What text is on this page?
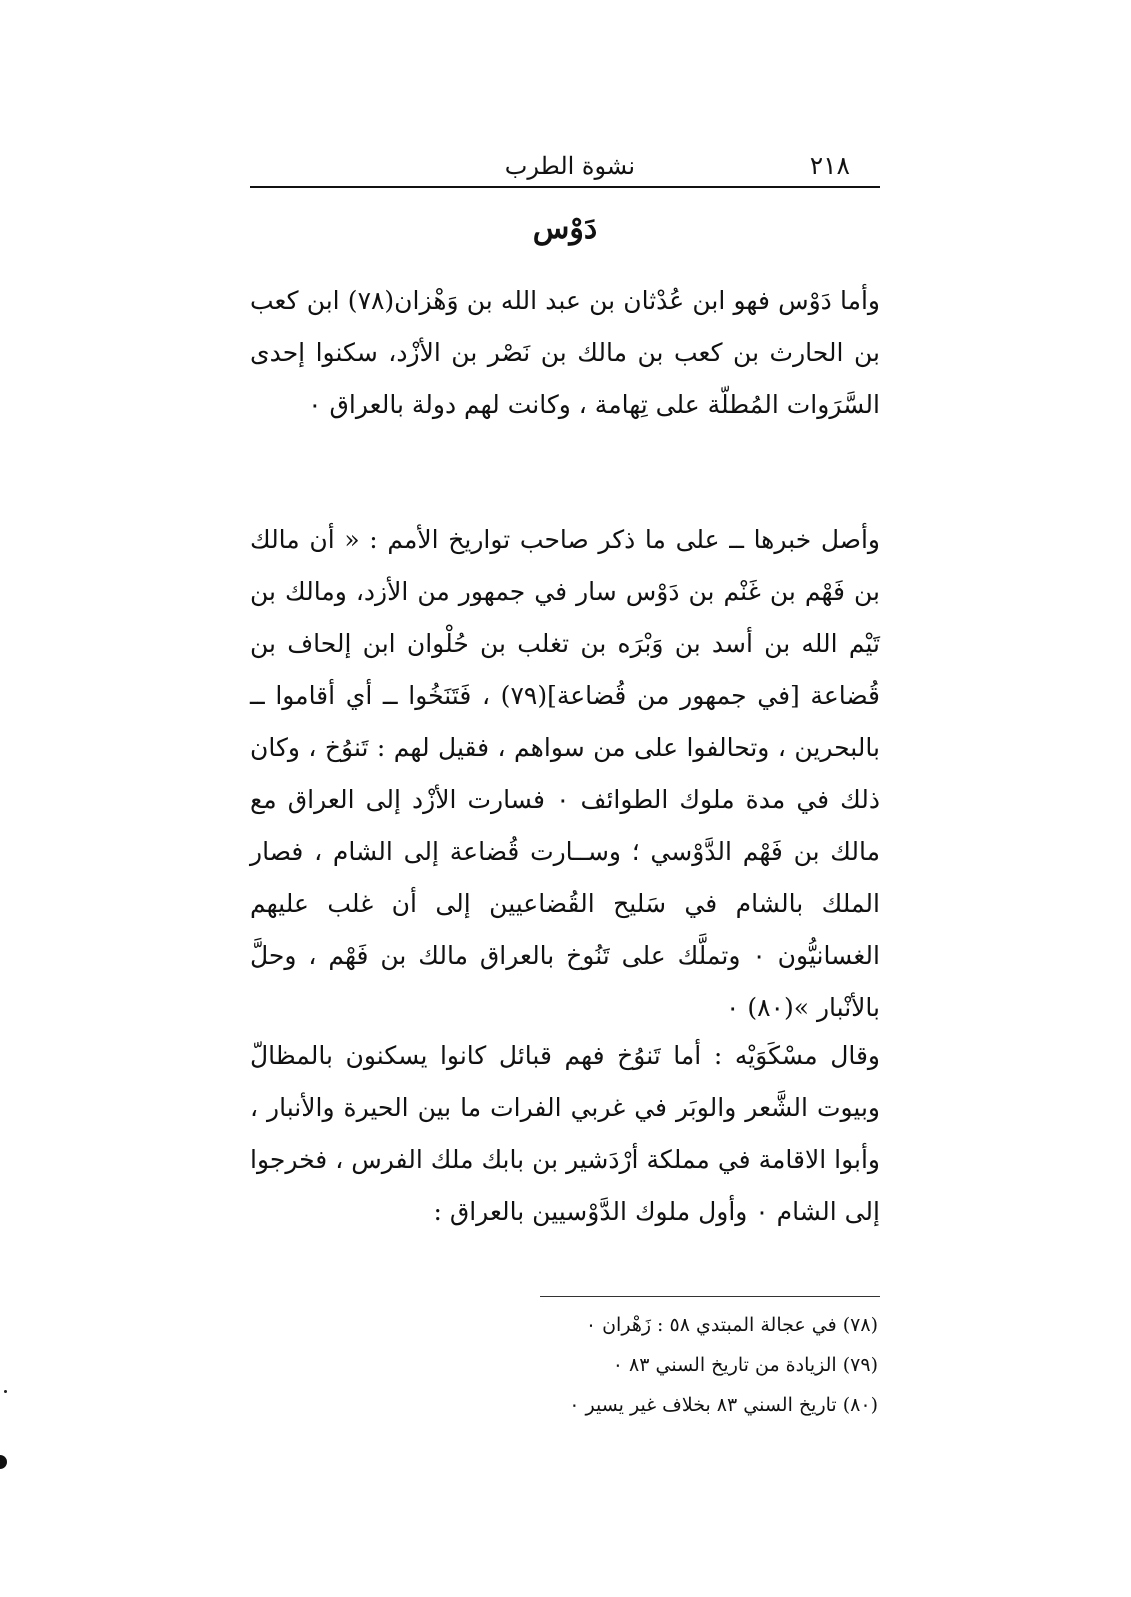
٢١٨
نشوة الطرب
دَوْس

وأما دَوْس فهو ابن عُدْثان بن عبد الله بن وَهْزان(٧٨) ابن كعب بن الحارث بن كعب بن مالك بن نَصْر بن الأزْد، سكنوا إحدى السَّرَوات المُطلّة على تِهامة ، وكانت لهم دولة بالعراق ٠

وأصل خبرها ــ على ما ذكر صاحب تواريخ الأمم : « أن مالك بن فَهْم بن غَنْم بن دَوْس سار في جمهور من الأزد، ومالك بن تَيْم الله بن أسد بن وَبْرَه بن تغلب بن حُلْوان ابن إلحاف بن قُضاعة [في جمهور من قُضاعة](٧٩) ، فَتَنَخُوا ــ أي أقاموا ــ بالبحرين ، وتحالفوا على من سواهم ، فقيل لهم : تَنوُخ ، وكان ذلك في مدة ملوك الطوائف ٠ فسارت الأزْد إلى العراق مع مالك بن فَهْم الدَّوْسي ؛ وســارت قُضاعة إلى الشام ، فصار الملك بالشام في سَليح القُضاعيين إلى أن غلب عليهم الغسانيُّون ٠ وتملَّك على تَنُوخ بالعراق مالك بن فَهْم ، وحلَّ بالأنْبار »(٨٠) ٠

وقال مسْكَوَيْه : أما تَنوُخ فهم قبائل كانوا يسكنون بالمظالّ وبيوت الشَّعر والوبَر في غربي الفرات ما بين الحيرة والأنبار ، وأبوا الاقامة في مملكة أرْدَشير بن بابك ملك الفرس ، فخرجوا إلى الشام ٠ وأول ملوك الدَّوْسيين بالعراق :

(٧٨) في عجالة المبتدي ٥٨ : زَهْران ٠
(٧٩) الزيادة من تاريخ السني ٨٣ ٠
(٨٠) تاريخ السني ٨٣ بخلاف غير يسير ٠
